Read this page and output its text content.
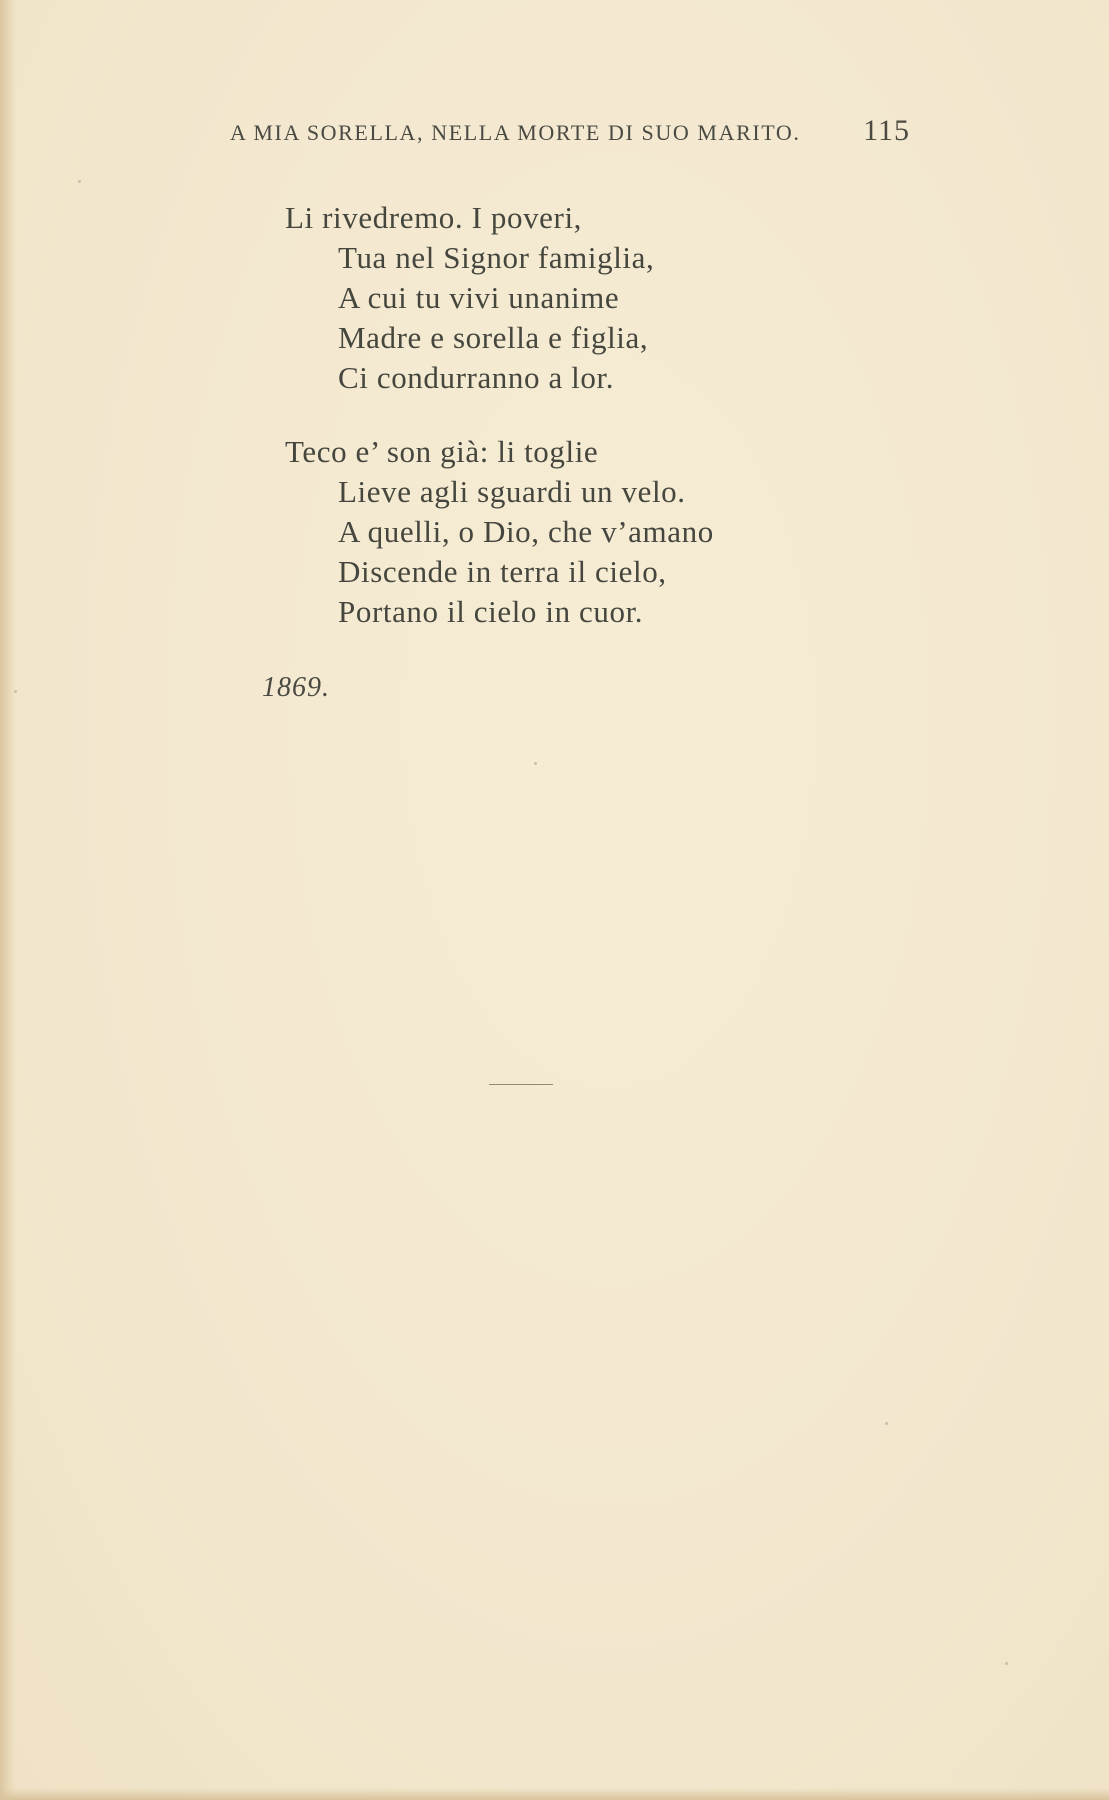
A MIA SORELLA, NELLA MORTE DI SUO MARITO. 115
Li rivedremo. I poveri,
Tua nel Signor famiglia,
A cui tu vivi unanime
Madre e sorella e figlia,
Ci condurranno a lor.
Teco e’ son già: li toglie
Lieve agli sguardi un velo.
A quelli, o Dio, che v’amano
Discende in terra il cielo,
Portano il cielo in cuor.
1869.
